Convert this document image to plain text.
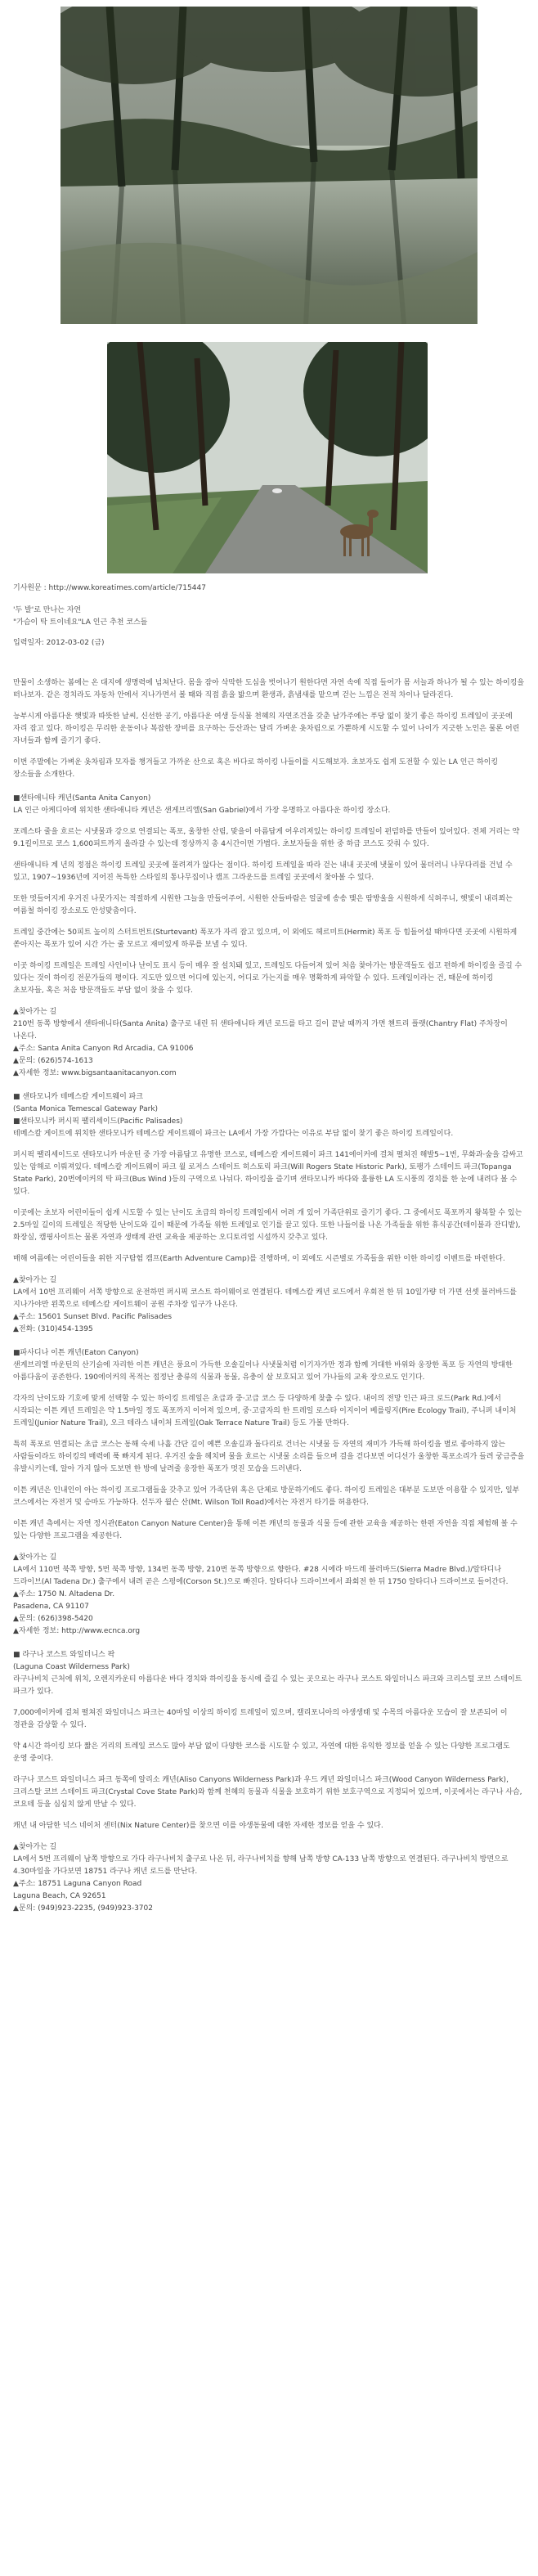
기사원문 : http://www.koreatimes.com/article/715447

'두 발'로 만나는 자연
"가슴이 탁 트이네요"LA 인근 추천 코스들
입력일자: 2012-03-02 (금)

만물이 소생하는 봄에는 온 대지에 생명력에 넘쳐난다. 몸을 잠아 삭막한 도심을 벗어나기 원한다면 자연 속에 직접 들어가 몸 서늘과 하나가 될 수 있는 하이킹을 떠나보자. 같은 경치라도 자동차 안에서 지나가면서 볼 때와 직접 흙을 밟으며 환생과, 흙냄새를 맡으며 걷는 느낌은 전적 차이나 달라진다.

능부시게 아름다운 햇빛과 따뜻한 날씨, 신선한 공기, 아름다운 여생 등식물 천혜의 자연조건을 갖춘 남가주에는 푸당 없이 찾기 좋은 하이킹 트레일이 곳곳에 자리 잡고 있다. 하이킹은 무리한 운동이나 복잡한 장비를 요구하는 등산과는 달리 가벼운 옷차림으로 가뿐하게 시도할 수 있어 나이가 지긋한 노인은 물론 어린 자녀들과 함께 즐기기 좋다.

이번 주말에는 가벼운 옷차림과 모자를 챙겨들고 가까운 산으로 혹은 바다로 하이킹 나들이를 시도해보자. 초보자도 쉽게 도전할 수 있는 LA 인근 하이킹 장소들을 소개한다.

■샌타애니타 캐년(Santa Anita Canyon)

LA 인근 아케디아에 위치한 샌타애니타 캐년은 샌게브리엘(San Gabriel)에서 가장 유명하고 아름다운 하이킹 장소다.

포레스타 줄을 흐르는 시냇물과 강으로 연결되는 폭포, 울창한 산림, 맞을이 아름답게 어우러져있는 하이킹 트레일이 펀덤하를 만들어 있어있다. 전체 거리는 약 9.1킬이므로 코스 1,600피트까지 올라갈 수 있는데 정상까지 총 4시간이면 가볍다. 초보자들을 위한 중 하급 코스도 갖춰 수 있다.

샌타애니타 계 년의 정점은 하이킹 트레일 곳곳에 몰려져가 않다는 점이다. 하이킹 트레일을 따라 걷는 내내 곳곳에 냇물이 있어 물더러니 나무다리를 건널 수 있고, 1907~1936년에 지어진 독특한 스타일의 통나무집이나 캠프 그라운드를 트레일 곳곳에서 찾아볼 수 있다.

또한 멋들어지게 우거진 나뭇가지는 적절하게 시원한 그늘을 만들어주어, 시원한 산들바람은 얼굴에 송송 맺은 땀방울을 시원하게 식혀주니, 햇빛이 내리쬐는 여름철 하이킹 장소로도 안성맞춤이다.

트레일 중간에는 50피트 높이의 스터트번트(Sturtevant) 폭포가 자리 잡고 있으며, 이 외에도 헤르미트(Hermit) 폭포 등 힘들어설 때마다면 곳곳에 시원하게 쏟아지는 폭포가 있어 시간 가는 줄 모르고 재미있게 하루를 보낼 수 있다.

이곳 하이킹 트레일은 트레일 사인이나 난이도 표시 등이 매우 잘 설치돼 있고, 트레일도 다듬어져 있어 처음 찾아가는 방문객들도 쉽고 편하게 하이킹을 즐길 수 있다는 것이 하이킹 전문가들의 평이다. 지도만 있으면 어디에 있는지, 어디로 가는지를 매우 명확하게 파악할 수 있다. 트레일이라는 건, 때문에 하이킹 초보자들, 혹은 처음 방문객들도 부담 없이 찾을 수 있다.

▲찾아가는 길

210번 동쪽 방향에서 샌타애니타(Santa Anita) 출구로 내린 뒤 샌타애니타 캐년 로드를 타고 길이 끝날 때까지 가면 챈트리 플랫(Chantry Flat) 주차장이 나온다.

▲주소: Santa Anita Canyon Rd Arcadia, CA 91006

▲문의: (626)574-1613

▲자세한 정보: www.bigsantaanitacanyon.com

■ 샌타모니카 테메스칼 게이트웨이 파크
(Santa Monica Temescal Gateway Park)
■샌타모니카 퍼시픽 팰리세이드(Pacific Palisades)

테메스칼 게이트에 위치한 샌타모니카 테메스칼 게이트웨이 파크는 LA에서 가장 가깝다는 이유로 부담 없이 찾기 좋은 하이킹 트레일이다.

퍼시픽 팰리세이드로 샌타모니카 마운틴 중 가장 아름답고 유명한 코스로, 테메스칼 게이트웨이 파크 141에이커에 걸쳐 펼쳐진 해발5~1번, 무화과·숲을 감싸고 있는 암해로 이뤄져있다. 테메스칼 게이트웨이 파크 윌 로저스 스테이트 히스토릭 파크(Will Rogers State Historic Park), 토팽가 스테이트 파크(Topanga State Park), 20번에이커의 탁 파크(Bus Wind )등의 구역으로 나뉘다. 하이킹을 즐기며 샌타모니카 바다와 훌륭한 LA 도시풍의 경치를 한 눈에 내려다 볼 수 있다.

이곳에는 초보자 어린이들이 쉽게 시도할 수 있는 난이도 초급의 하이킹 트레일에서 어려 개 있어 가족단위로 즐기기 좋다. 그 중에서도 폭포까지 왕복할 수 있는 2.5마일 길이의 트레일은 적당한 난이도와 길이 때문에 가족들 위한 트레일로 인기를 끌고 있다. 또한 나들이를 나온 가족들을 위한 휴식공간(테이블과 잔디밭), 화장실, 캠핑사이트는 물론 자연과 생태계 관련 교육을 제공하는 오디토리엄 시설까지 갖추고 있다.

매해 여름에는 어린이들을 위한 지구탐험 캠프(Earth Adventure Camp)를 진행하며, 이 외에도 시즌별로 가족들을 위한 이한 하이킹 이벤트를 마련한다.

▲찾아가는 길

LA에서 10번 프리웨이 서쪽 방향으로 운전하면 퍼시픽 코스트 하이웨이로 연결된다. 테메스칼 캐년 로드에서 우회전 한 뒤 10일가량 더 가면 선셋 블러바드를 지나가야만 왼쪽으로 테메스칼 게이트웨이 공원 주차장 입구가 나온다.

▲주소: 15601 Sunset Blvd. Pacific Palisades

▲전화: (310)454-1395

■파사디나 이튼 캐년(Eaton Canyon)

샌게브리엘 마운틴의 산기슭에 자리한 이튼 캐년은 풍요이 가득한 오솔길이나 사냇물처럼 이기자가만 정과 함께 거대한 바위와 웅장한 폭포 등 자연의 방대한 아름다움이 공존한다. 190에이커의 목적는 접정난 충류의 식물과 동물, 유충이 살 보호되고 있어 가나들의 교육 장으로도 인기다.

각자의 난이도와 기호에 맞게 선택할 수 있는 하이킹 트레일은 초급과 중·고급 코스 등 다양하게 찾출 수 있다. 내이의 전망 인근 파크 로드(Park Rd.)에서 시작되는 이튼 캐년 트레일은 약 1.5마일 정도 폭포까지 이어져 있으며, 중·고급자의 한 트레일 로스타 이지이어 베를링지(Pire Ecology Trail), 주니퍼 내이처 트레일(Junior Nature Trail), 오크 테라스 내이처 트레일(Oak Terrace Nature Trail) 등도 가볼 만하다.

특히 폭포로 연결되는 초급 코스는 동해 숙세 나흘 간단 길이 예쁜 오솔길과 돌다리로 건너는 시냇물 등 자연의 재미가 가득해 하이킹을 별로 좋아하지 않는 사람들이라도 하이킹의 매력에 푹 빠지게 된다. 우거진 숲을 헤치며 물을 흐르는 시냇물 소리를 들으며 걸을 걷다보면 어디선가 울창한 폭포소리가 들려 궁금증을 유발시키는데, 알아 가지 않아 도보면 한 방에 날려줄 웅장한 폭포가 멋진 모습을 드러낸다.

이튼 캐년은 인내인이 아는 하이킹 프로그램들을 갖추고 있어 가족단위 혹은 단체로 방문하기에도 좋다. 하이킹 트레일은 대부분 도보만 이용할 수 있지만, 일부 코스에서는 자전거 및 승마도 가능하다. 선두자 윌슨 산(Mt. Wilson Toll Road)에서는 자전거 타기를 허용한다.

이튼 캐년 측에서는 자연 정시관(Eaton Canyon Nature Center)을 통해 이튼 캐년의 동물과 식물 등에 관한 교육을 제공하는 한편 자연을 직접 체험해 볼 수 있는 다양한 프로그램을 제공한다.

▲찾아가는 길

LA에서 110번 북쪽 방향, 5번 북쪽 방향, 134번 동쪽 방향, 210번 동쪽 방향으로 향한다. #28 시에라 마드레 블러바드(Sierra Madre Blvd.)/알타디나 드라이브(Al Tadena Dr.) 출구에서 내려 곧은 스펑에(Corson St.)으로 빠진다. 알타디나 드라이브에서 좌회전 한 뒤 1750 알타디나 드라이브로 들어간다.

▲주소: 1750 N. Altadena Dr.
Pasadena, CA 91107

▲문의: (626)398-5420

▲자세한 정보: http://www.ecnca.org

■ 라구나 코스트 와일더니스 팍
(Laguna Coast Wilderness Park)

라구나비치 근처에 위치, 오렌지카운티 아름다운 바다 경치와 하이킹을 동시에 즐길 수 있는 곳으로는 라구나 코스트 와일더니스 파크와 크리스털 코브 스테이트 파크가 있다.

7,000에이커에 걸쳐 펼쳐진 와일더니스 파크는 40마일 이상의 하이킹 트레일이 있으며, 캘리포니아의 야생생태 및 수목의 아름다운 모습이 잘 보존되어 이 경관을 감상할 수 있다.

약 4시간 하이킹 보다 짧은 거리의 트레일 코스도 많아 부담 없이 다양한 코스를 시도할 수 있고, 자연에 대한 유익한 정보를 얻을 수 있는 다양한 프로그램도 운영 중이다.

라구나 코스트 와일더니스 파크 동쪽에 알리소 캐년(Aliso Canyons Wilderness Park)과 우드 캐년 와일더니스 파크(Wood Canyon Wilderness Park), 크리스탈 코브 스테이트 파크(Crystal Cove State Park)와 함께 천혜의 동물과 식물을 보호하기 위한 보호구역으로 지정되어 있으며, 이곳에서는 라구나 사슴, 코요테 등을 심심치 않게 만날 수 있다.

캐년 내 아담한 넉스 네이처 센터(Nix Nature Center)를 찾으면 이를 야생동물에 대한 자세한 정보를 얻을 수 있다.

▲찾아가는 길

LA에서 5번 프리웨이 남쪽 방향으로 가다 라구나비치 출구로 나온 뒤, 라구나비치를 향해 남쪽 방향 CA-133 남쪽 방향으로 연결된다. 라구나비치 방면으로 4.30마일을 가다보면 18751 라구나 캐년 로드를 만난다.

▲주소: 18751 Laguna Canyon Road
Laguna Beach, CA 92651

▲문의: (949)923-2235, (949)923-3702
